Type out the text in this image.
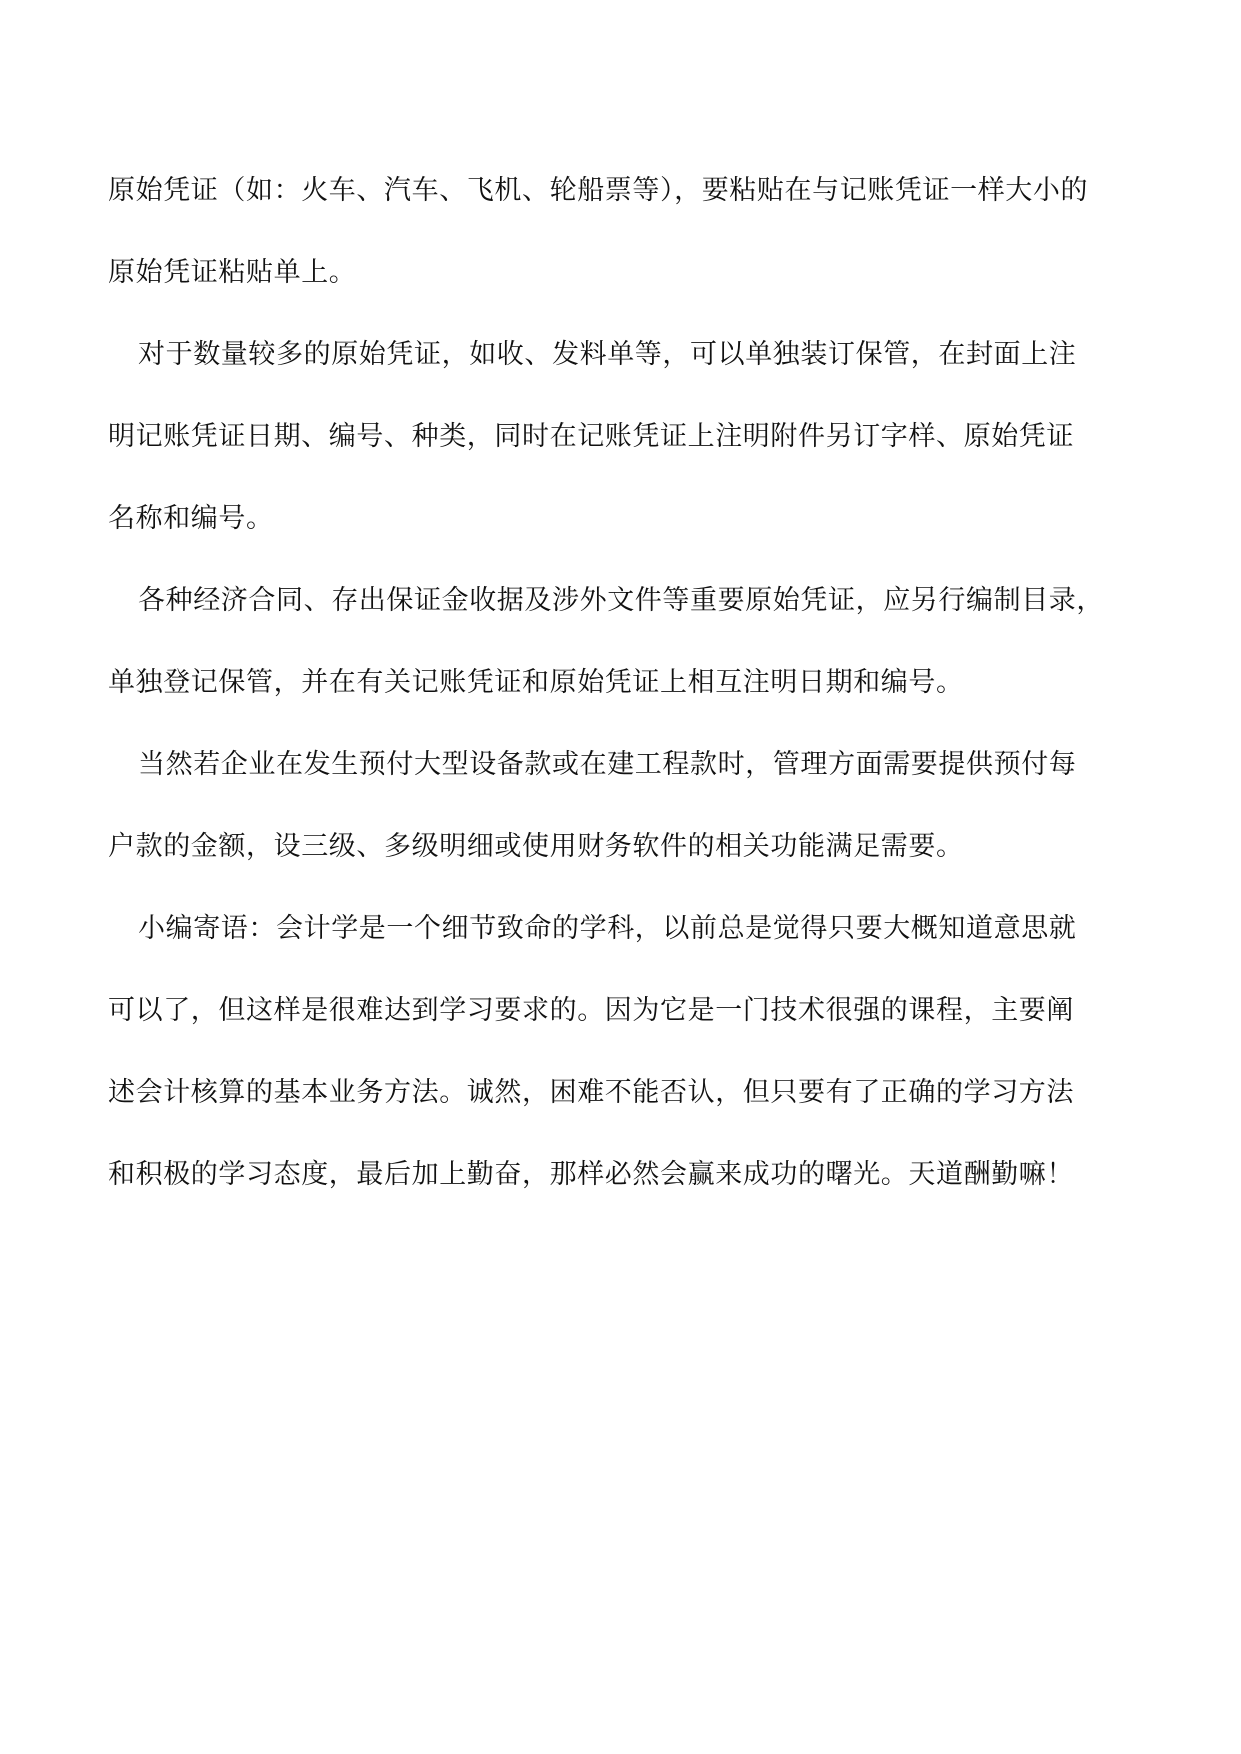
原始凭证（如：火车、汽车、飞机、轮船票等），要粘贴在与记账凭证一样大小的
原始凭证粘贴单上。
对于数量较多的原始凭证，如收、发料单等，可以单独装订保管，在封面上注
明记账凭证日期、编号、种类，同时在记账凭证上注明附件另订字样、原始凭证
名称和编号。
各种经济合同、存出保证金收据及涉外文件等重要原始凭证，应另行编制目录，
单独登记保管，并在有关记账凭证和原始凭证上相互注明日期和编号。
当然若企业在发生预付大型设备款或在建工程款时，管理方面需要提供预付每
户款的金额，设三级、多级明细或使用财务软件的相关功能满足需要。
小编寄语：会计学是一个细节致命的学科，以前总是觉得只要大概知道意思就
可以了，但这样是很难达到学习要求的。因为它是一门技术很强的课程，主要阐
述会计核算的基本业务方法。诚然，困难不能否认，但只要有了正确的学习方法
和积极的学习态度，最后加上勤奋，那样必然会赢来成功的曙光。天道酬勤嘛！
